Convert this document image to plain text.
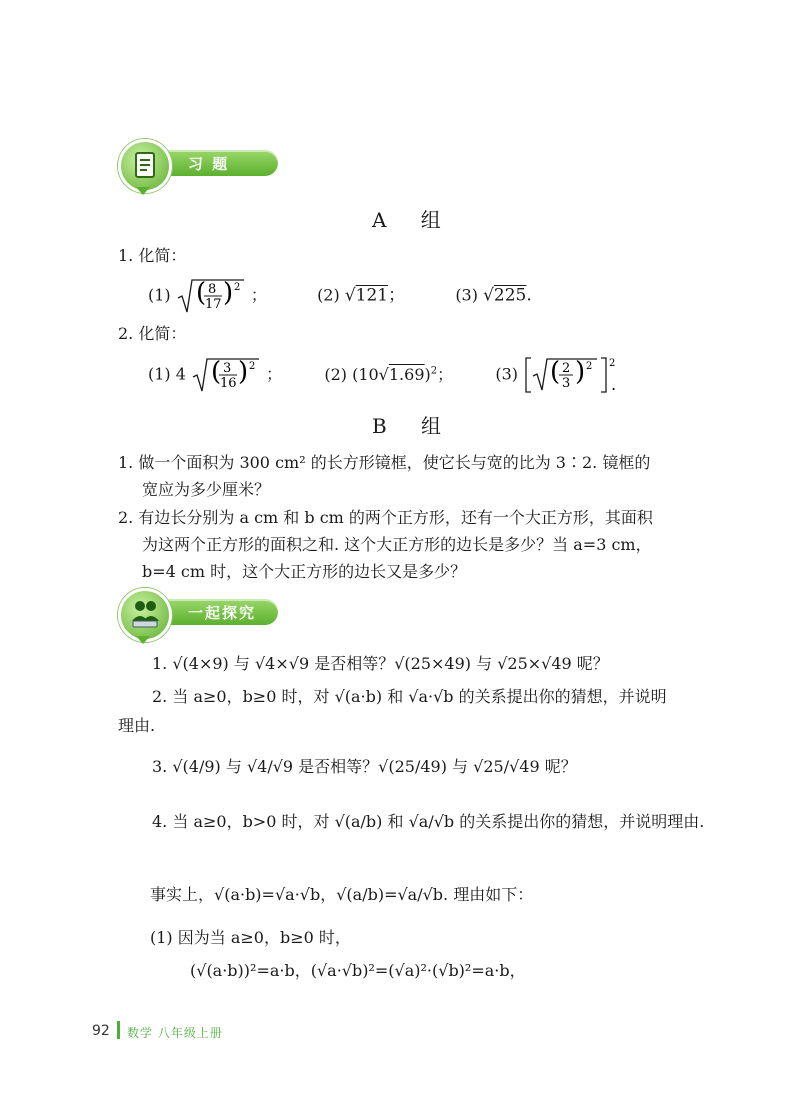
习 题
A 组
1. 化简：
(1) ( 8
17 ) 2 ；	(2) √121；	(3) √225.
2. 化简：
(1) 4 ( 3
16 ) 2 ；	(2) $(10√1.69)^2$；	(3) ( 2
3 ) 2 2
.
B 组
1. 做一个面积为 300 cm² 的长方形镜框，使它长与宽的比为 3∶2. 镜框的
宽应为多少厘米？
2. 有边长分别为 a cm 和 b cm 的两个正方形，还有一个大正方形，其面积
为这两个正方形的面积之和. 这个大正方形的边长是多少？当 a=3 cm，
b=4 cm 时，这个大正方形的边长又是多少？
一起探究
1. √(4×9) 与 √4×√9 是否相等？√(25×49) 与 √25×√49 呢？
2. 当 a≥0，b≥0 时，对 √(a·b) 和 √a·√b 的关系提出你的猜想，并说明
理由.
3. √(4/9) 与 √4/√9 是否相等？√(25/49) 与 √25/√49 呢？
4. 当 a≥0，b>0 时，对 √(a/b) 和 √a/√b 的关系提出你的猜想，并说明理由.
事实上，√(a·b)=√a·√b，√(a/b)=√a/√b. 理由如下：
(1) 因为当 a≥0，b≥0 时，
(√(a·b))²=a·b，(√a·√b)²=(√a)²·(√b)²=a·b，
92 数学 八年级上册
